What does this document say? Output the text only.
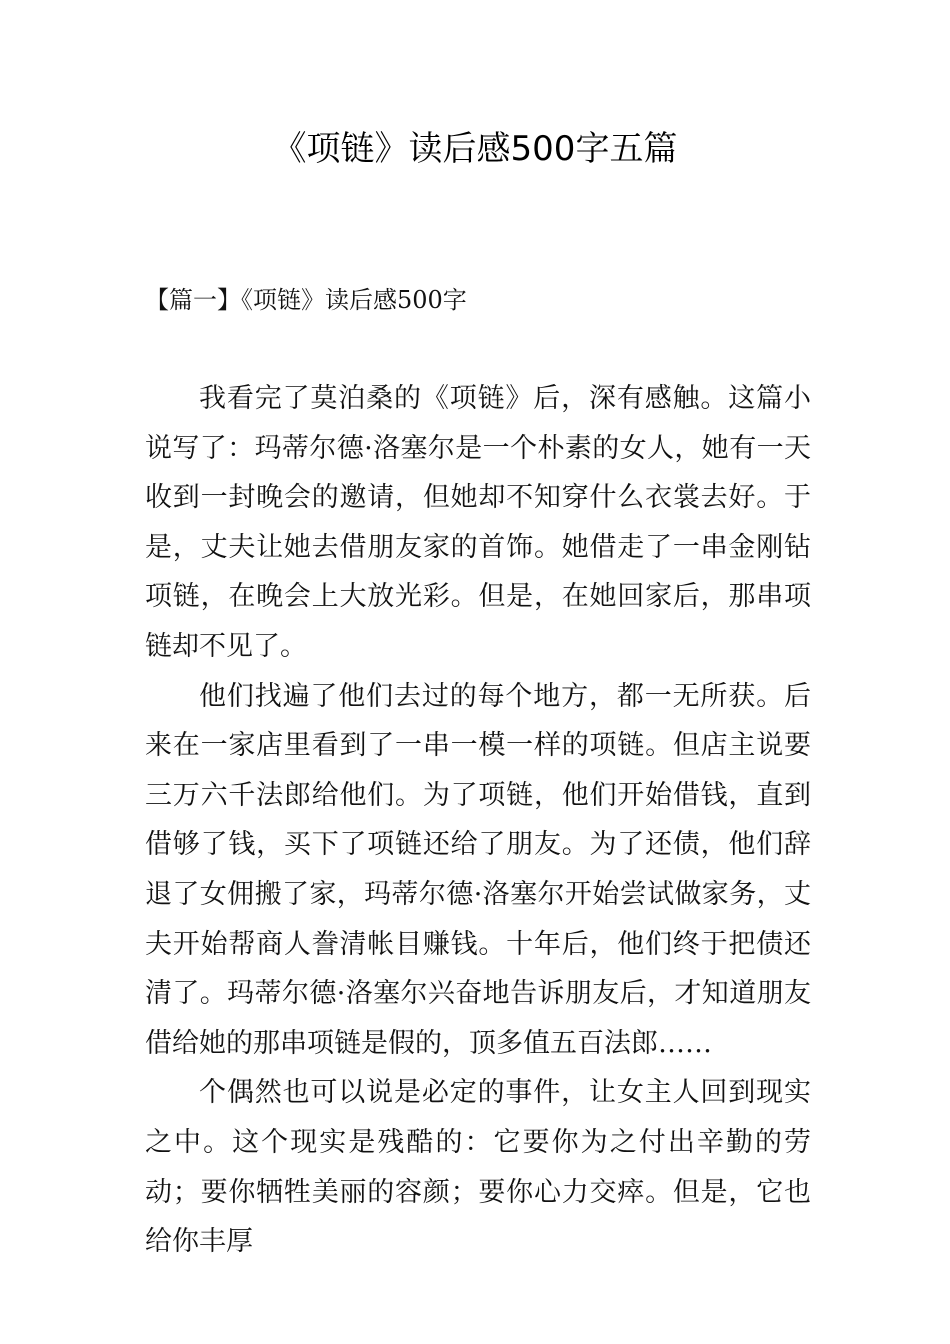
《项链》读后感500字五篇
【篇一】《项链》读后感500字

我看完了莫泊桑的《项链》后，深有感触。这篇小说写了：玛蒂尔德·洛塞尔是一个朴素的女人，她有一天收到一封晚会的邀请，但她却不知穿什么衣裳去好。于是，丈夫让她去借朋友家的首饰。她借走了一串金刚钻项链，在晚会上大放光彩。但是，在她回家后，那串项链却不见了。

他们找遍了他们去过的每个地方，都一无所获。后来在一家店里看到了一串一模一样的项链。但店主说要三万六千法郎给他们。为了项链，他们开始借钱，直到借够了钱，买下了项链还给了朋友。为了还债，他们辞退了女佣搬了家，玛蒂尔德·洛塞尔开始尝试做家务，丈夫开始帮商人誊清帐目赚钱。十年后，他们终于把债还清了。玛蒂尔德·洛塞尔兴奋地告诉朋友后，才知道朋友借给她的那串项链是假的，顶多值五百法郎……

个偶然也可以说是必定的事件，让女主人回到现实之中。这个现实是残酷的：它要你为之付出辛勤的劳动；要你牺牲美丽的容颜；要你心力交瘁。但是，它也给你丰厚
